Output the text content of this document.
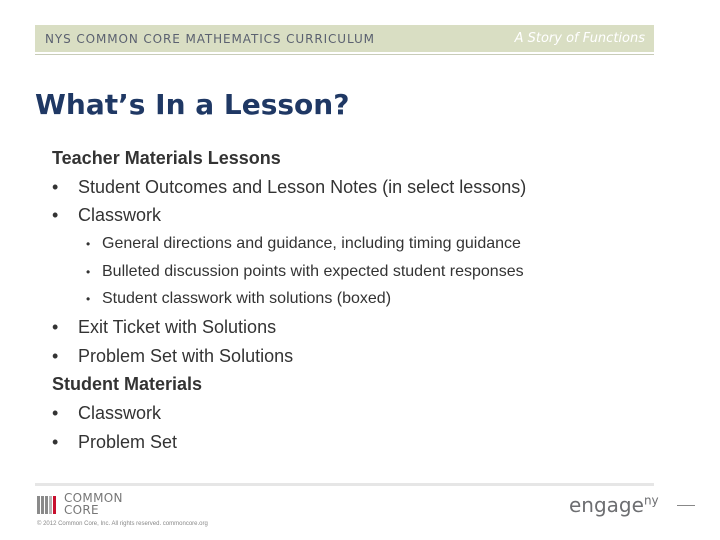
NYS COMMON CORE MATHEMATICS CURRICULUM	A Story of Functions
What’s In a Lesson?
Teacher Materials Lessons
• Student Outcomes and Lesson Notes (in select lessons)
• Classwork
• General directions and guidance, including timing guidance
• Bulleted discussion points with expected student responses
• Student classwork with solutions (boxed)
• Exit Ticket with Solutions
• Problem Set with Solutions
Student Materials
• Classwork
• Problem Set
COMMON
CORE
© 2012 Common Core, Inc. All rights reserved. commoncore.org
engage$^{ny}$
